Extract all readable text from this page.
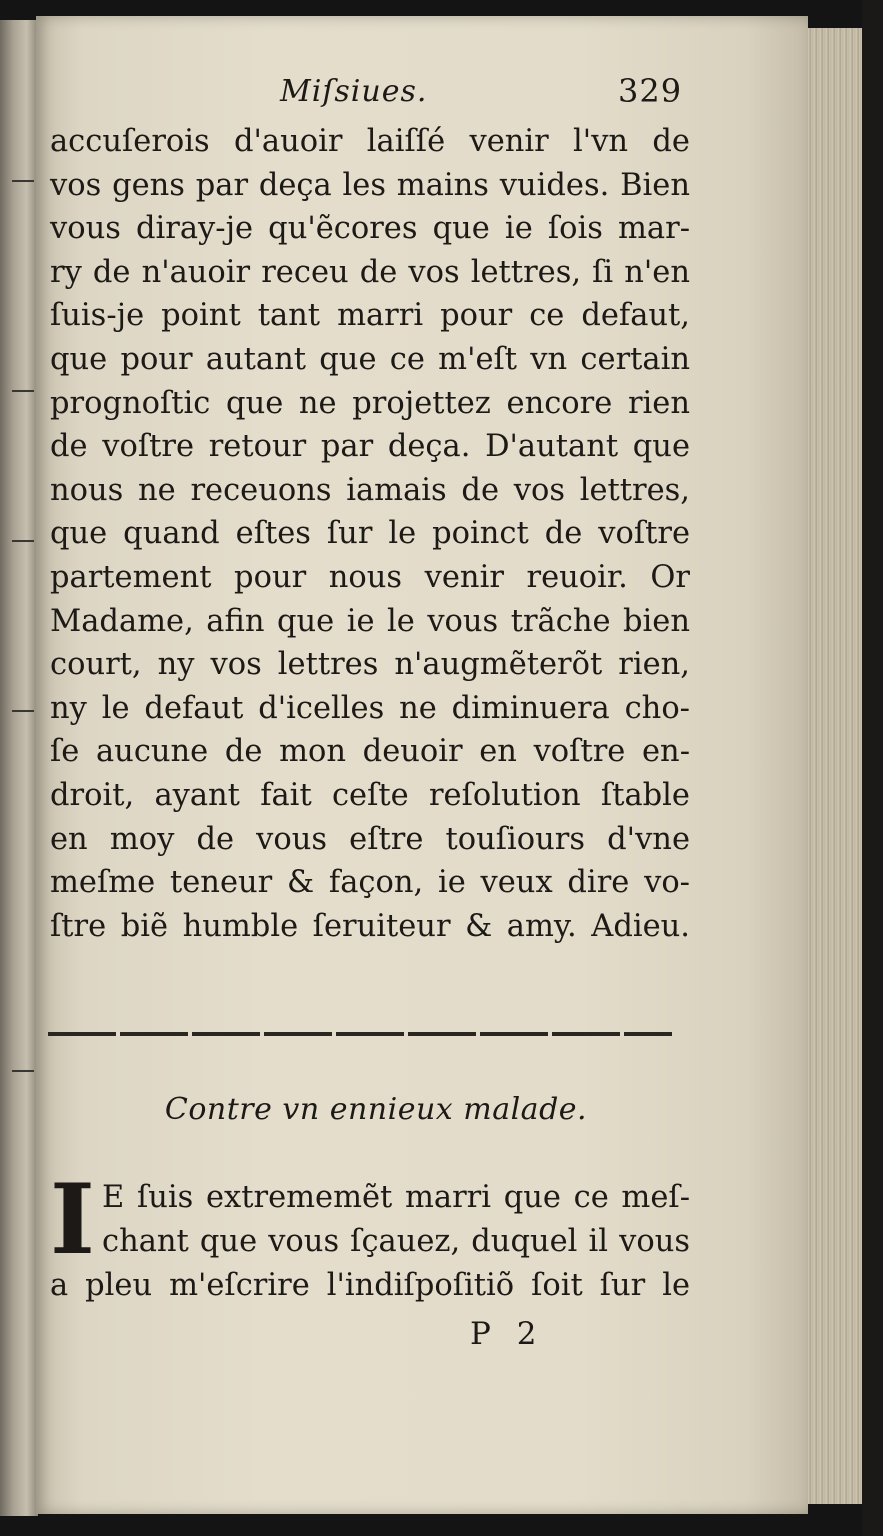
Miſsiues.	329
accuſerois d'auoir laiſſé venir l'vn de
vos gens par deça les mains vuides. Bien
vous diray-je qu'ẽcores que ie ſois mar-
ry de n'auoir receu de vos lettres, ſi n'en
ſuis-je point tant marri pour ce defaut,
que pour autant que ce m'eſt vn certain
prognoſtic que ne projettez encore rien
de voſtre retour par deça. D'autant que
nous ne receuons iamais de vos lettres,
que quand eſtes ſur le poinct de voſtre
partement pour nous venir reuoir. Or
Madame, afin que ie le vous trãche bien
court, ny vos lettres n'augmẽterõt rien,
ny le defaut d'icelles ne diminuera cho-
ſe aucune de mon deuoir en voſtre en-
droit, ayant fait ceſte reſolution ſtable
en moy de vous eſtre touſiours d'vne
meſme teneur & façon, ie veux dire vo-
ſtre biẽ humble ſeruiteur & amy. Adieu.
Contre vn ennieux malade.
I E ſuis extrememẽt marri que ce meſ-
chant que vous ſçauez, duquel il vous
a pleu m'eſcrire l'indiſpoſitiõ ſoit ſur le
P 2
